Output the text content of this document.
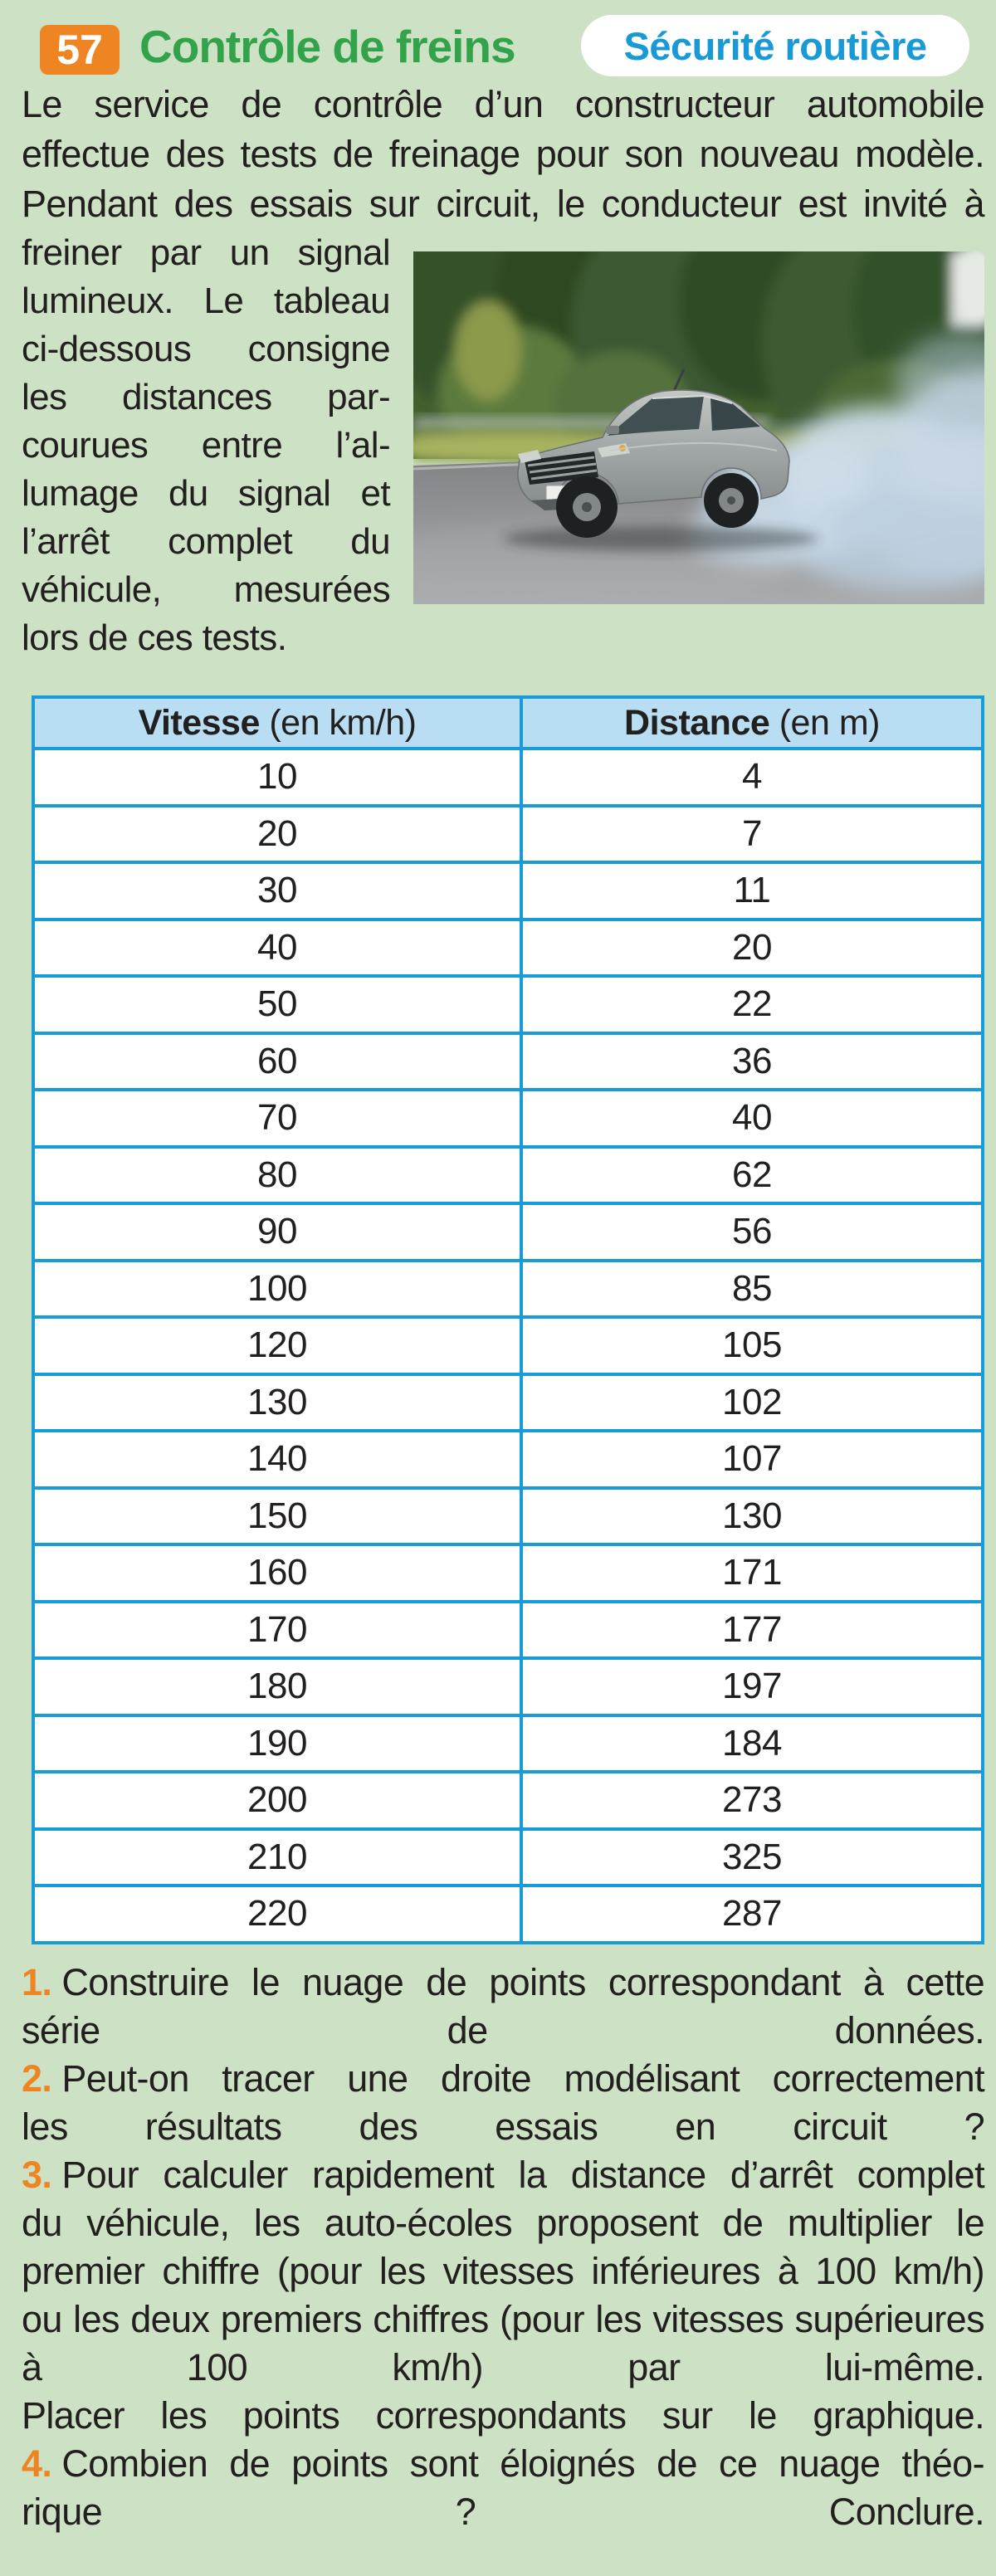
57 Contrôle de freins	Sécurité routière
Le service de contrôle d’un constructeur automobile
effectue des tests de freinage pour son nouveau modèle.
Pendant des essais sur circuit, le conducteur est invité à
freiner par un signal
lumineux. Le tableau
ci-dessous consigne
les distances par-
courues entre l’al-
lumage du signal et
l’arrêt complet du
véhicule, mesurées
lors de ces tests.
Vitesse (en km/h)	Distance (en m)
10	4
20	7
30	11
40	20
50	22
60	36
70	40
80	62
90	56
100	85
120	105
130	102
140	107
150	130
160	171
170	177
180	197
190	184
200	273
210	325
220	287
1. Construire le nuage de points correspondant à cette
série de données.
2. Peut-on tracer une droite modélisant correctement
les résultats des essais en circuit ?
3. Pour calculer rapidement la distance d’arrêt complet
du véhicule, les auto-écoles proposent de multiplier le
premier chiffre (pour les vitesses inférieures à 100 km/h)
ou les deux premiers chiffres (pour les vitesses supérieures
à 100 km/h) par lui-même.
Placer les points correspondants sur le graphique.
4. Combien de points sont éloignés de ce nuage théo-
rique ? Conclure.
